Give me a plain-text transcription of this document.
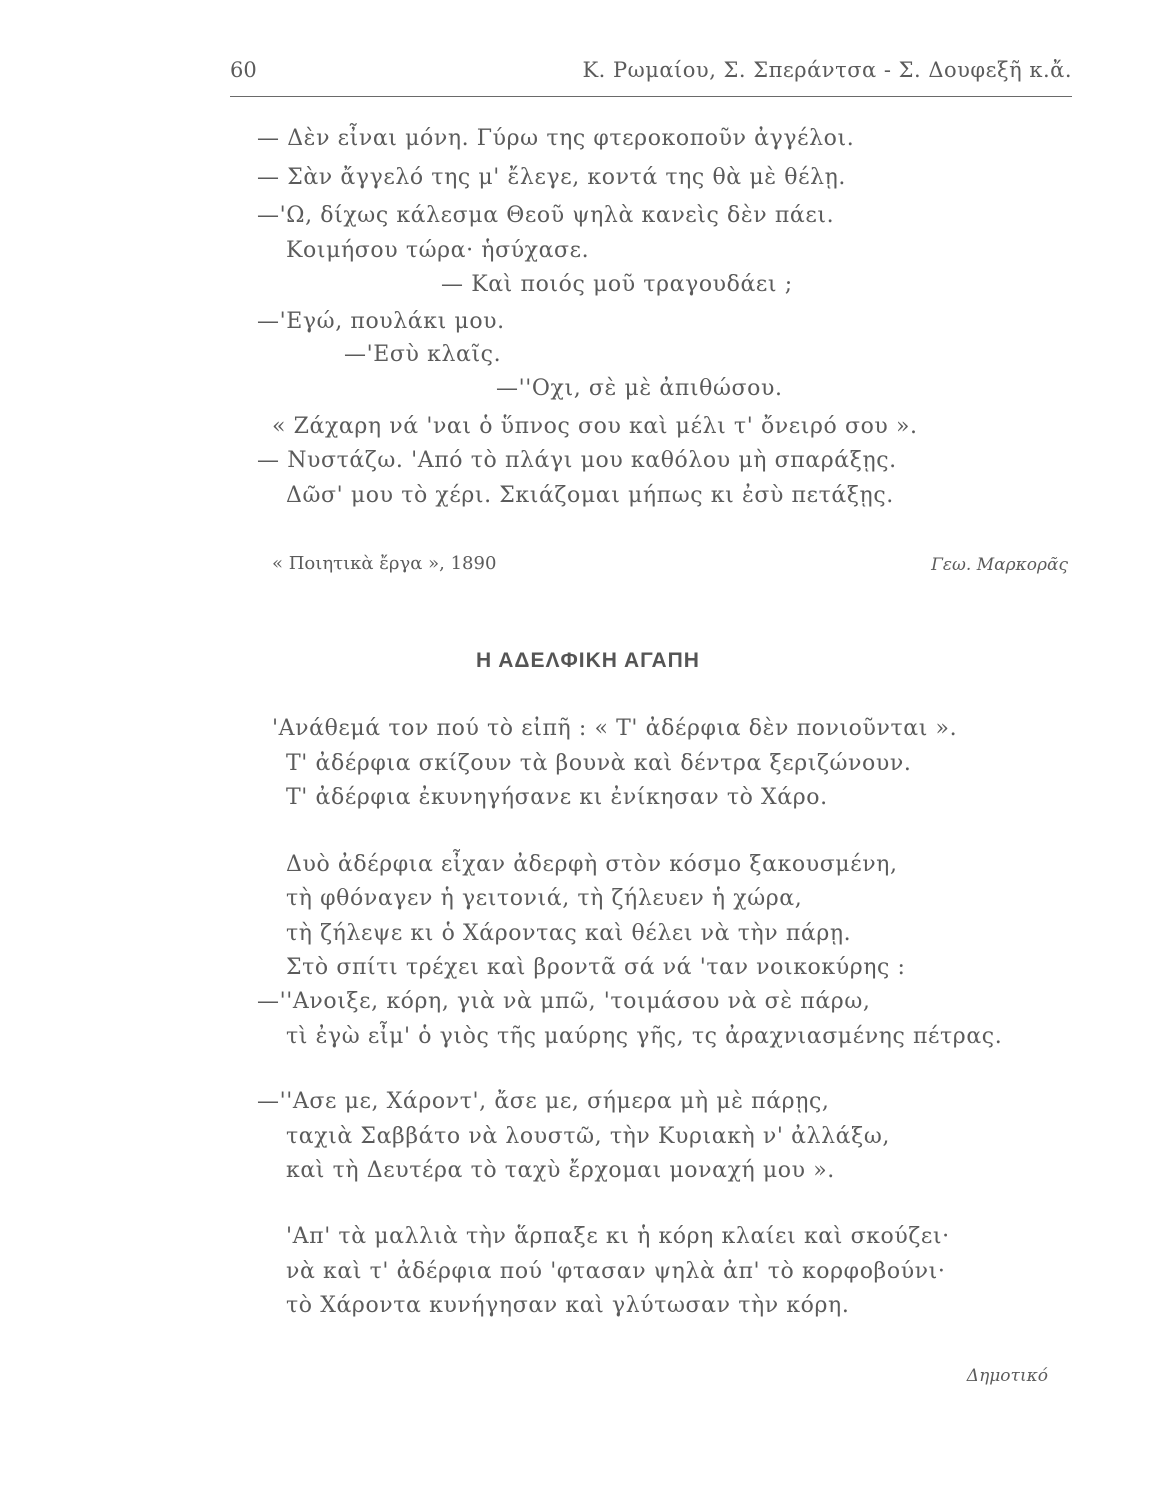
60	Κ. Ρωμαίου, Σ. Σπεράντσα - Σ. Δουφεξῆ κ.ἄ.
— Δὲν εἶναι μόνη. Γύρω της φτεροκοποῦν ἀγγέλοι.
— Σὰν ἄγγελό της μ' ἔλεγε, κοντά της θὰ μὲ θέλῃ.
—'Ω, δίχως κάλεσμα Θεοῦ ψηλὰ κανεὶς δὲν πάει.
Κοιμήσου τώρα· ἡσύχασε.
— Καὶ ποιός μοῦ τραγουδάει ;
—'Εγώ, πουλάκι μου.
—'Εσὺ κλαῖς.
—''Οχι, σὲ μὲ ἀπιθώσου.
« Ζάχαρη νά 'ναι ὁ ὕπνος σου καὶ μέλι τ' ὄνειρό σου ».
— Νυστάζω. 'Από τὸ πλάγι μου καθόλου μὴ σπαράξῃς.
Δῶσ' μου τὸ χέρι. Σκιάζομαι μήπως κι ἐσὺ πετάξῃς.
« Ποιητικὰ ἔργα », 1890	Γεω. Μαρκορᾶς
Η ΑΔΕΛΦΙΚΗ ΑΓΑΠΗ
'Ανάθεμά τον πού τὸ εἰπῆ : « Τ' ἀδέρφια δὲν πονιοῦνται ».
Τ' ἀδέρφια σκίζουν τὰ βουνὰ καὶ δέντρα ξεριζώνουν.
Τ' ἀδέρφια ἐκυνηγήσανε κι ἐνίκησαν τὸ Χάρο.
Δυὸ ἀδέρφια εἶχαν ἀδερφὴ στὸν κόσμο ξακουσμένη,
τὴ φθόναγεν ἡ γειτονιά, τὴ ζήλευεν ἡ χώρα,
τὴ ζήλεψε κι ὁ Χάροντας καὶ θέλει νὰ τὴν πάρῃ.
Στὸ σπίτι τρέχει καὶ βροντᾶ σά νά 'ταν νοικοκύρης :
—''Ανοιξε, κόρη, γιὰ νὰ μπῶ, 'τοιμάσου νὰ σὲ πάρω,
τὶ ἐγὼ εἶμ' ὁ γιὸς τῆς μαύρης γῆς, τς ἀραχνιασμένης πέτρας.
—''Ασε με, Χάροντ', ἄσε με, σήμερα μὴ μὲ πάρῃς,
ταχιὰ Σαββάτο νὰ λουστῶ, τὴν Κυριακὴ ν' ἀλλάξω,
καὶ τὴ Δευτέρα τὸ ταχὺ ἔρχομαι μοναχή μου ».
'Απ' τὰ μαλλιὰ τὴν ἅρπαξε κι ἡ κόρη κλαίει καὶ σκούζει·
νὰ καὶ τ' ἀδέρφια πού 'φτασαν ψηλὰ ἀπ' τὸ κορφοβούνι·
τὸ Χάροντα κυνήγησαν καὶ γλύτωσαν τὴν κόρη.
Δημοτικό
